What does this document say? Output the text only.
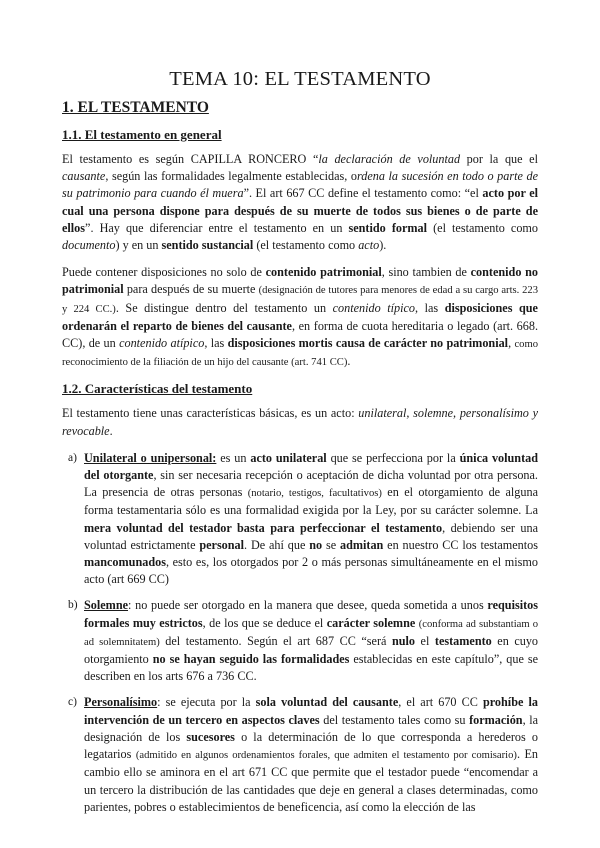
TEMA 10: EL TESTAMENTO
1. EL TESTAMENTO
1.1. El testamento en general

El testamento es según CAPILLA RONCERO “la declaración de voluntad por la que el causante, según las formalidades legalmente establecidas, ordena la sucesión en todo o parte de su patrimonio para cuando él muera”. El art 667 CC define el testamento como: “el acto por el cual una persona dispone para después de su muerte de todos sus bienes o de parte de ellos”. Hay que diferenciar entre el testamento en un sentido formal (el testamento como documento) y en un sentido sustancial (el testamento como acto).

Puede contener disposiciones no solo de contenido patrimonial, sino tambien de contenido no patrimonial para después de su muerte (designación de tutores para menores de edad a su cargo arts. 223 y 224 CC.). Se distingue dentro del testamento un contenido típico, las disposiciones que ordenarán el reparto de bienes del causante, en forma de cuota hereditaria o legado (art. 668. CC), de un contenido atípico, las disposiciones mortis causa de carácter no patrimonial, como reconocimiento de la filiación de un hijo del causante (art. 741 CC).

1.2. Características del testamento

El testamento tiene unas características básicas, es un acto: unilateral, solemne, personalísimo y revocable.

a) Unilateral o unipersonal: es un acto unilateral que se perfecciona por la única voluntad del otorgante, sin ser necesaria recepción o aceptación de dicha voluntad por otra persona. La presencia de otras personas (notario, testigos, facultativos) en el otorgamiento de alguna forma testamentaria sólo es una formalidad exigida por la Ley, por su carácter solemne. La mera voluntad del testador basta para perfeccionar el testamento, debiendo ser una voluntad estrictamente personal. De ahí que no se admitan en nuestro CC los testamentos mancomunados, esto es, los otorgados por 2 o más personas simultáneamente en el mismo acto (art 669 CC)
b) Solemne: no puede ser otorgado en la manera que desee, queda sometida a unos requisitos formales muy estrictos, de los que se deduce el carácter solemne (conforma ad substantiam o ad solemnitatem) del testamento. Según el art 687 CC “será nulo el testamento en cuyo otorgamiento no se hayan seguido las formalidades establecidas en este capítulo”, que se describen en los arts 676 a 736 CC.
c) Personalísimo: se ejecuta por la sola voluntad del causante, el art 670 CC prohíbe la intervención de un tercero en aspectos claves del testamento tales como su formación, la designación de los sucesores o la determinación de lo que corresponda a herederos o legatarios (admitido en algunos ordenamientos forales, que admiten el testamento por comisario). En cambio ello se aminora en el art 671 CC que permite que el testador puede “encomendar a un tercero la distribución de las cantidades que deje en general a clases determinadas, como parientes, pobres o establecimientos de beneficencia, así como la elección de las
